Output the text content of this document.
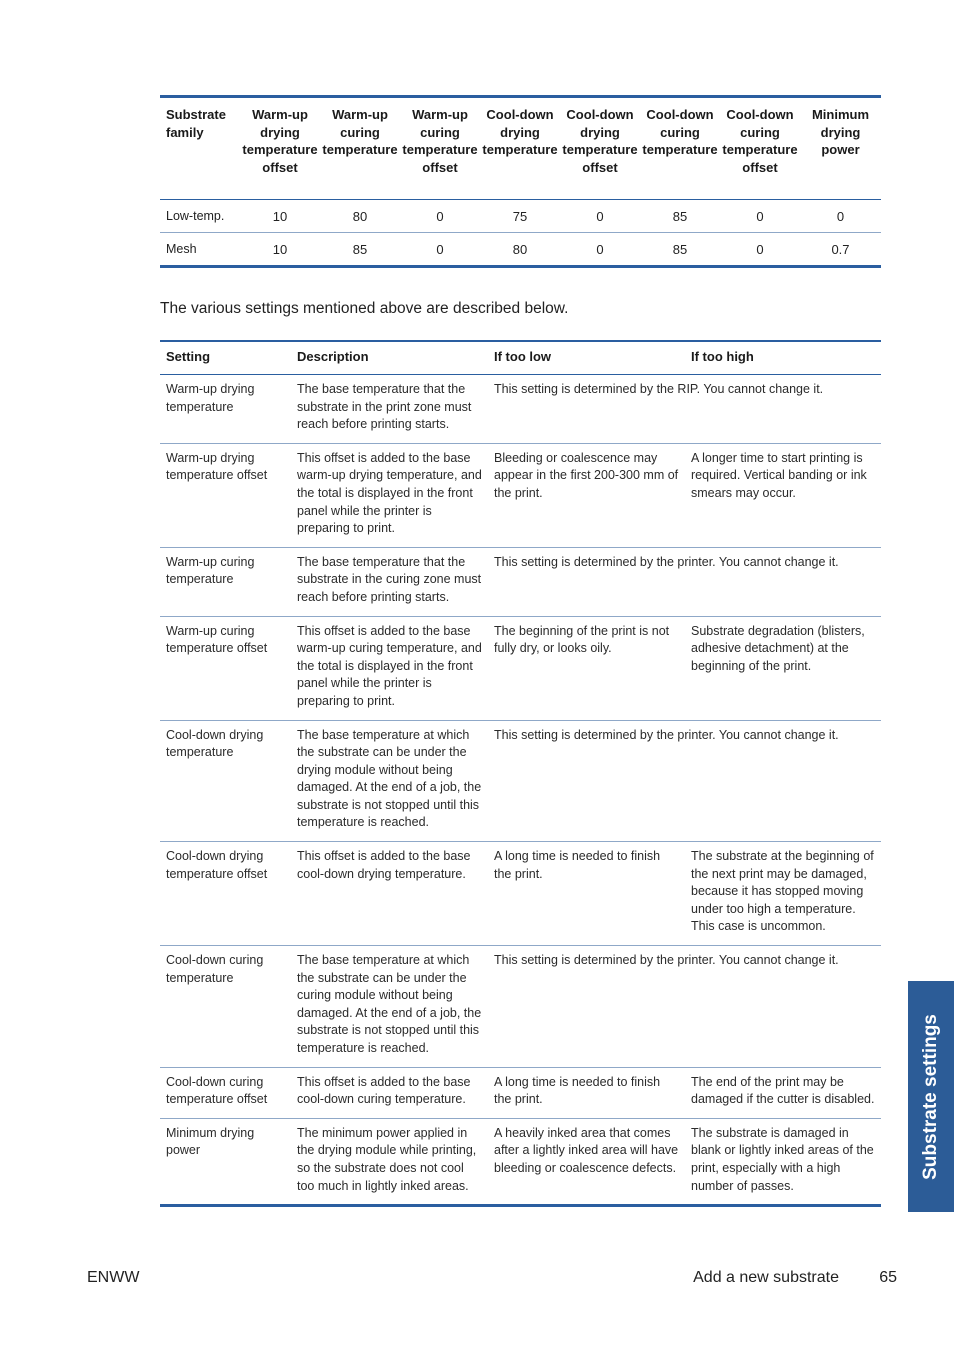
Substrate family	Warm-up drying temperature offset	Warm-up curing temperature	Warm-up curing temperature offset	Cool-down drying temperature	Cool-down drying temperature offset	Cool-down curing temperature	Cool-down curing temperature offset	Minimum drying power
Low-temp.	10	80	0	75	0	85	0	0
Mesh	10	85	0	80	0	85	0	0.7
The various settings mentioned above are described below.
Setting	Description	If too low	If too high
Warm-up drying temperature	The base temperature that the substrate in the print zone must reach before printing starts.	This setting is determined by the RIP. You cannot change it.	
Warm-up drying temperature offset	This offset is added to the base warm-up drying temperature, and the total is displayed in the front panel while the printer is preparing to print.	Bleeding or coalescence may appear in the first 200-300 mm of the print.	A longer time to start printing is required. Vertical banding or ink smears may occur.
Warm-up curing temperature	The base temperature that the substrate in the curing zone must reach before printing starts.	This setting is determined by the printer. You cannot change it.	
Warm-up curing temperature offset	This offset is added to the base warm-up curing temperature, and the total is displayed in the front panel while the printer is preparing to print.	The beginning of the print is not fully dry, or looks oily.	Substrate degradation (blisters, adhesive detachment) at the beginning of the print.
Cool-down drying temperature	The base temperature at which the substrate can be under the drying module without being damaged. At the end of a job, the substrate is not stopped until this temperature is reached.	This setting is determined by the printer. You cannot change it.	
Cool-down drying temperature offset	This offset is added to the base cool-down drying temperature.	A long time is needed to finish the print.	The substrate at the beginning of the next print may be damaged, because it has stopped moving under too high a temperature. This case is uncommon.
Cool-down curing temperature	The base temperature at which the substrate can be under the curing module without being damaged. At the end of a job, the substrate is not stopped until this temperature is reached.	This setting is determined by the printer. You cannot change it.	
Cool-down curing temperature offset	This offset is added to the base cool-down curing temperature.	A long time is needed to finish the print.	The end of the print may be damaged if the cutter is disabled.
Minimum drying power	The minimum power applied in the drying module while printing, so the substrate does not cool too much in lightly inked areas.	A heavily inked area that comes after a lightly inked area will have bleeding or coalescence defects.	The substrate is damaged in blank or lightly inked areas of the print, especially with a high number of passes.
Substrate settings
ENWW	Add a new substrate	65
